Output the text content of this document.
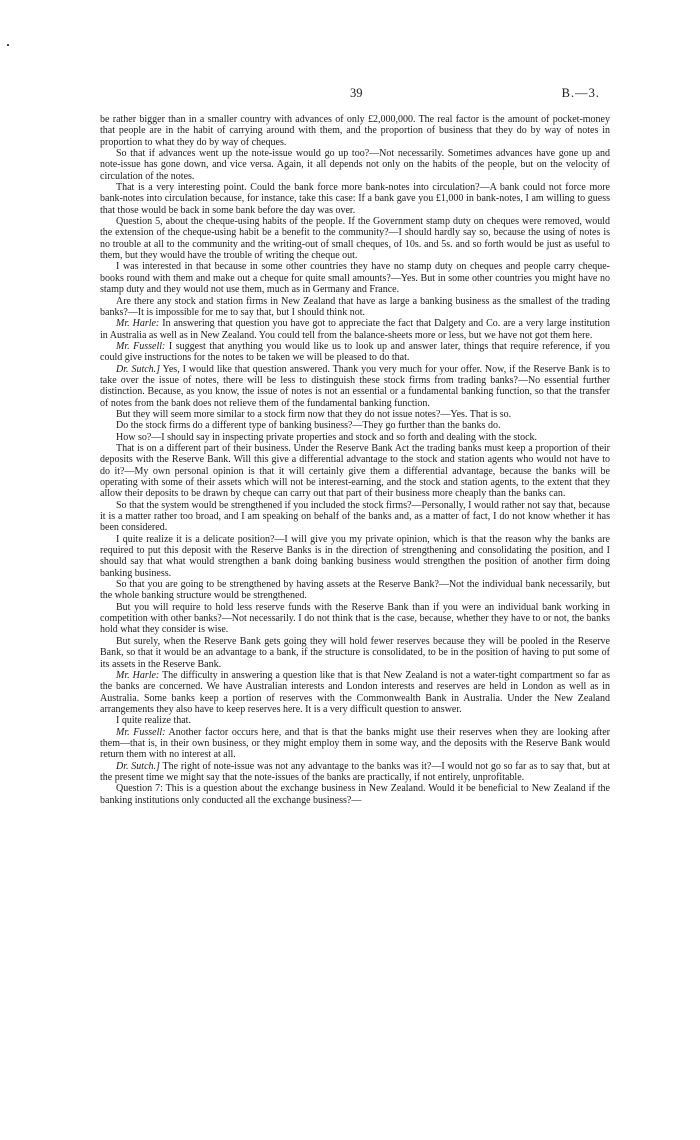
39	B.—3.

be rather bigger than in a smaller country with advances of only £2,000,000. The real factor is the amount of pocket-money that people are in the habit of carrying around with them, and the proportion of business that they do by way of notes in proportion to what they do by way of cheques.

So that if advances went up the note-issue would go up too?—Not necessarily. Sometimes advances have gone up and note-issue has gone down, and vice versa. Again, it all depends not only on the habits of the people, but on the velocity of circulation of the notes.

That is a very interesting point. Could the bank force more bank-notes into circulation?—A bank could not force more bank-notes into circulation because, for instance, take this case: If a bank gave you £1,000 in bank-notes, I am willing to guess that those would be back in some bank before the day was over.

Question 5, about the cheque-using habits of the people. If the Government stamp duty on cheques were removed, would the extension of the cheque-using habit be a benefit to the community?—I should hardly say so, because the using of notes is no trouble at all to the community and the writing-out of small cheques, of 10s. and 5s. and so forth would be just as useful to them, but they would have the trouble of writing the cheque out.

I was interested in that because in some other countries they have no stamp duty on cheques and people carry cheque-books round with them and make out a cheque for quite small amounts?—Yes. But in some other countries you might have no stamp duty and they would not use them, much as in Germany and France.

Are there any stock and station firms in New Zealand that have as large a banking business as the smallest of the trading banks?—It is impossible for me to say that, but I should think not.

Mr. Harle: In answering that question you have got to appreciate the fact that Dalgety and Co. are a very large institution in Australia as well as in New Zealand. You could tell from the balance-sheets more or less, but we have not got them here.

Mr. Fussell: I suggest that anything you would like us to look up and answer later, things that require reference, if you could give instructions for the notes to be taken we will be pleased to do that.

Dr. Sutch.] Yes, I would like that question answered. Thank you very much for your offer. Now, if the Reserve Bank is to take over the issue of notes, there will be less to distinguish these stock firms from trading banks?—No essential further distinction. Because, as you know, the issue of notes is not an essential or a fundamental banking function, so that the transfer of notes from the bank does not relieve them of the fundamental banking function.

But they will seem more similar to a stock firm now that they do not issue notes?—Yes. That is so.

Do the stock firms do a different type of banking business?—They go further than the banks do.

How so?—I should say in inspecting private properties and stock and so forth and dealing with the stock.

That is on a different part of their business. Under the Reserve Bank Act the trading banks must keep a proportion of their deposits with the Reserve Bank. Will this give a differential advantage to the stock and station agents who would not have to do it?—My own personal opinion is that it will certainly give them a differential advantage, because the banks will be operating with some of their assets which will not be interest-earning, and the stock and station agents, to the extent that they allow their deposits to be drawn by cheque can carry out that part of their business more cheaply than the banks can.

So that the system would be strengthened if you included the stock firms?—Personally, I would rather not say that, because it is a matter rather too broad, and I am speaking on behalf of the banks and, as a matter of fact, I do not know whether it has been considered.

I quite realize it is a delicate position?—I will give you my private opinion, which is that the reason why the banks are required to put this deposit with the Reserve Banks is in the direction of strengthening and consolidating the position, and I should say that what would strengthen a bank doing banking business would strengthen the position of another firm doing banking business.

So that you are going to be strengthened by having assets at the Reserve Bank?—Not the individual bank necessarily, but the whole banking structure would be strengthened.

But you will require to hold less reserve funds with the Reserve Bank than if you were an individual bank working in competition with other banks?—Not necessarily. I do not think that is the case, because, whether they have to or not, the banks hold what they consider is wise.

But surely, when the Reserve Bank gets going they will hold fewer reserves because they will be pooled in the Reserve Bank, so that it would be an advantage to a bank, if the structure is consolidated, to be in the position of having to put some of its assets in the Reserve Bank.

Mr. Harle: The difficulty in answering a question like that is that New Zealand is not a water-tight compartment so far as the banks are concerned. We have Australian interests and London interests and reserves are held in London as well as in Australia. Some banks keep a portion of reserves with the Commonwealth Bank in Australia. Under the New Zealand arrangements they also have to keep reserves here. It is a very difficult question to answer.

I quite realize that.

Mr. Fussell: Another factor occurs here, and that is that the banks might use their reserves when they are looking after them—that is, in their own business, or they might employ them in some way, and the deposits with the Reserve Bank would return them with no interest at all.

Dr. Sutch.] The right of note-issue was not any advantage to the banks was it?—I would not go so far as to say that, but at the present time we might say that the note-issues of the banks are practically, if not entirely, unprofitable.

Question 7: This is a question about the exchange business in New Zealand. Would it be beneficial to New Zealand if the banking institutions only conducted all the exchange business?—
